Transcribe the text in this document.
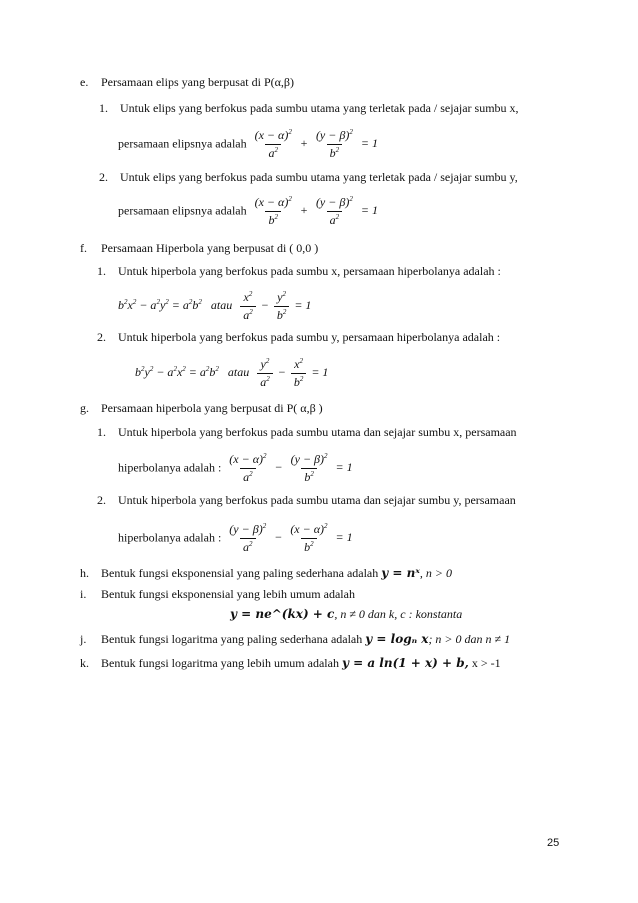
e. Persamaan elips yang berpusat di P(α,β)
1. Untuk elips yang berfokus pada sumbu utama yang terletak pada / sejajar sumbu x,
persamaan elipsnya adalah $\frac{(x - \alpha)^2}{a^2} + \frac{(y - \beta)^2}{b^2} = 1$
2. Untuk elips yang berfokus pada sumbu utama yang terletak pada / sejajar sumbu y,
persamaan elipsnya adalah $\frac{(x - \alpha)^2}{b^2} + \frac{(y - \beta)^2}{a^2} = 1$
f. Persamaan Hiperbola yang berpusat di ( 0,0 )
1. Untuk hiperbola yang berfokus pada sumbu x, persamaan hiperbolanya adalah :
$b^2x^2 - a^2y^2 = a^2b^2$ atau $\frac{x^2}{a^2} - \frac{y^2}{b^2} = 1$
2. Untuk hiperbola yang berfokus pada sumbu y, persamaan hiperbolanya adalah :
$b^2y^2 - a^2x^2 = a^2b^2$ atau $\frac{y^2}{a^2} - \frac{x^2}{b^2} = 1$
g. Persamaan hiperbola yang berpusat di P( α,β )
1. Untuk hiperbola yang berfokus pada sumbu utama dan sejajar sumbu x, persamaan
hiperbolanya adalah : $\frac{(x - \alpha)^2}{a^2} - \frac{(y - \beta)^2}{b^2} = 1$
2. Untuk hiperbola yang berfokus pada sumbu utama dan sejajar sumbu y, persamaan
hiperbolanya adalah : $\frac{(y - \beta)^2}{a^2} - \frac{(x - \alpha)^2}{b^2} = 1$
h. Bentuk fungsi eksponensial yang paling sederhana adalah y = nˣ, n > 0
i. Bentuk fungsi eksponensial yang lebih umum adalah
y = ne^(kx) + c, n ≠ 0 dan k, c : konstanta
j. Bentuk fungsi logaritma yang paling sederhana adalah y = logₙ x; n > 0 dan n ≠ 1
k. Bentuk fungsi logaritma yang lebih umum adalah y = a ln(1 + x) + b, x > -1
25
